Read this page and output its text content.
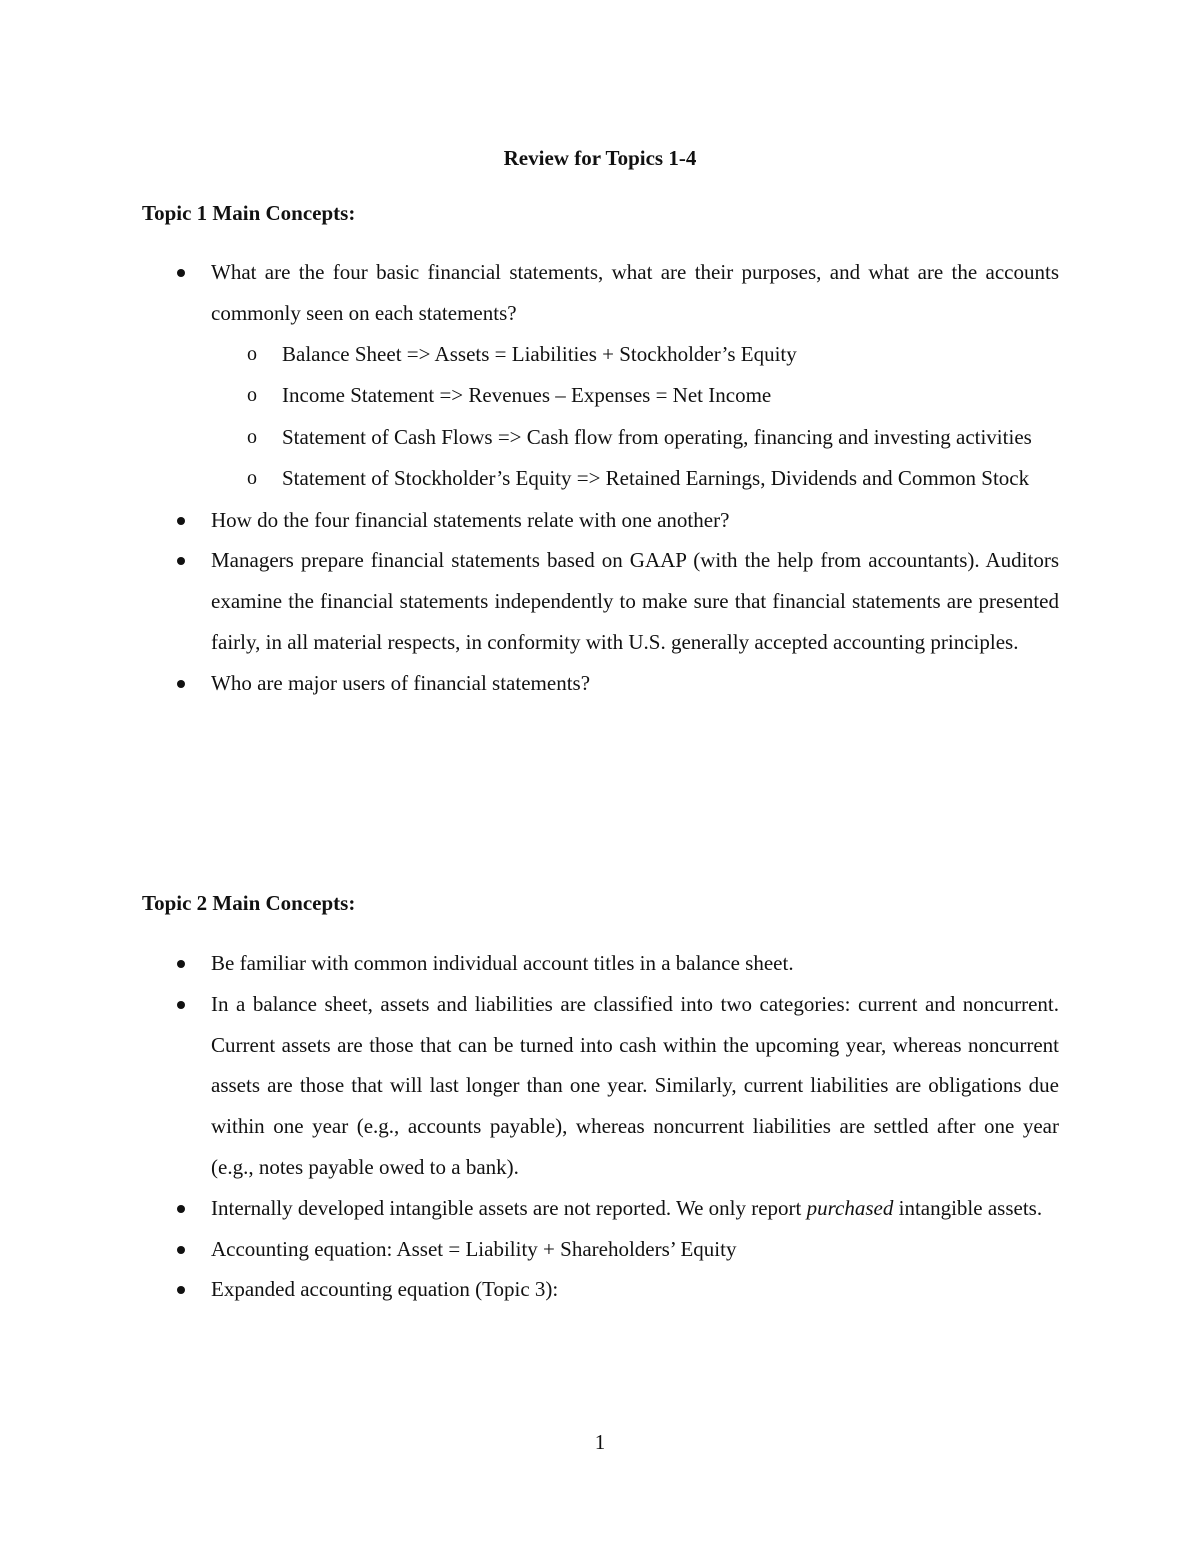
Review for Topics 1-4
Topic 1 Main Concepts:
What are the four basic financial statements, what are their purposes, and what are the accounts commonly seen on each statements?
o Balance Sheet => Assets = Liabilities + Stockholder’s Equity
o Income Statement => Revenues – Expenses = Net Income
o Statement of Cash Flows => Cash flow from operating, financing and investing activities
o Statement of Stockholder’s Equity => Retained Earnings, Dividends and Common Stock
How do the four financial statements relate with one another?
Managers prepare financial statements based on GAAP (with the help from accountants). Auditors examine the financial statements independently to make sure that financial statements are presented fairly, in all material respects, in conformity with U.S. generally accepted accounting principles.
Who are major users of financial statements?
Topic 2 Main Concepts:
Be familiar with common individual account titles in a balance sheet.
In a balance sheet, assets and liabilities are classified into two categories: current and noncurrent. Current assets are those that can be turned into cash within the upcoming year, whereas noncurrent assets are those that will last longer than one year. Similarly, current liabilities are obligations due within one year (e.g., accounts payable), whereas noncurrent liabilities are settled after one year (e.g., notes payable owed to a bank).
Internally developed intangible assets are not reported. We only report purchased intangible assets.
Accounting equation: Asset = Liability + Shareholders’ Equity
Expanded accounting equation (Topic 3):
1
